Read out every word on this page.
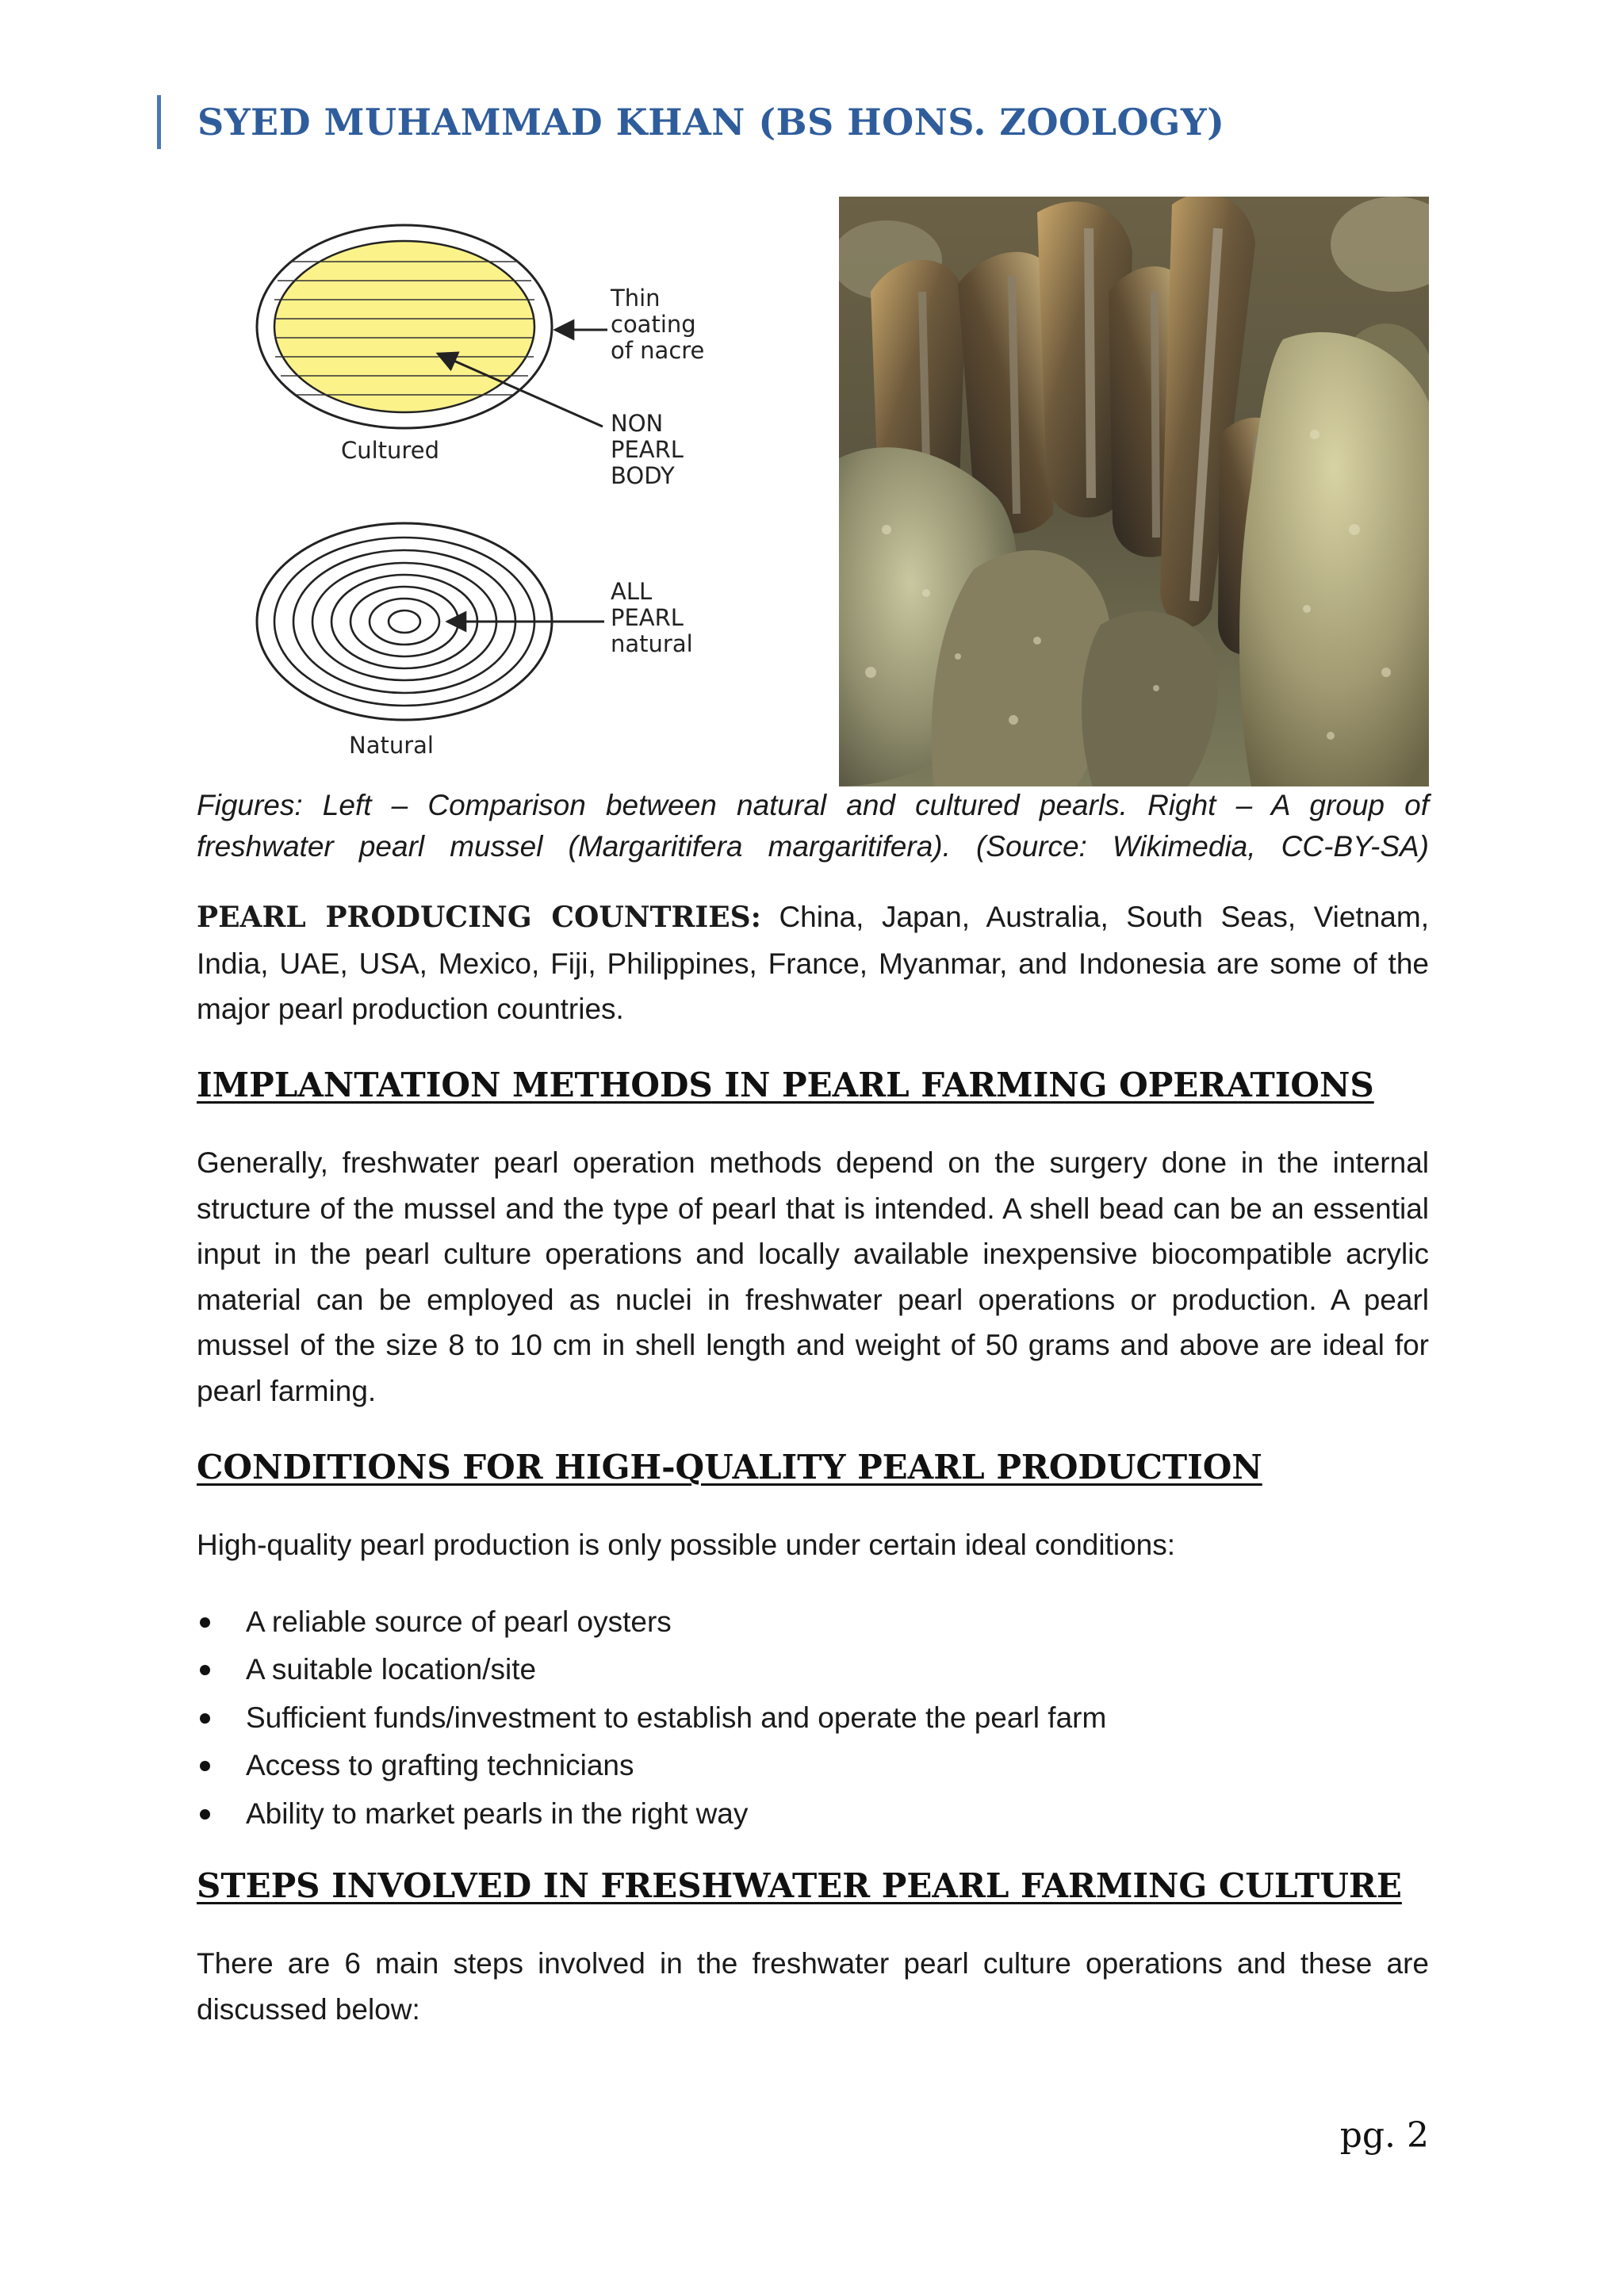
SYED MUHAMMAD KHAN (BS HONS. ZOOLOGY)
Thin
coating
of nacre
NON
PEARL
BODY
Cultured
ALL
PEARL
natural
Natural

Figures: Left – Comparison between natural and cultured pearls. Right – A group of
freshwater pearl mussel (Margaritifera margaritifera). (Source: Wikimedia, CC-BY-SA)

PEARL PRODUCING COUNTRIES: China, Japan, Australia, South Seas, Vietnam, India, UAE, USA, Mexico, Fiji, Philippines, France, Myanmar, and Indonesia are some of the major pearl production countries.

IMPLANTATION METHODS IN PEARL FARMING OPERATIONS

Generally, freshwater pearl operation methods depend on the surgery done in the internal structure of the mussel and the type of pearl that is intended. A shell bead can be an essential input in the pearl culture operations and locally available inexpensive biocompatible acrylic material can be employed as nuclei in freshwater pearl operations or production. A pearl mussel of the size 8 to 10 cm in shell length and weight of 50 grams and above are ideal for pearl farming.

CONDITIONS FOR HIGH-QUALITY PEARL PRODUCTION

High-quality pearl production is only possible under certain ideal conditions:

A reliable source of pearl oysters
A suitable location/site
Sufficient funds/investment to establish and operate the pearl farm
Access to grafting technicians
Ability to market pearls in the right way
STEPS INVOLVED IN FRESHWATER PEARL FARMING CULTURE

There are 6 main steps involved in the freshwater pearl culture operations and these are discussed below:

pg. 2
